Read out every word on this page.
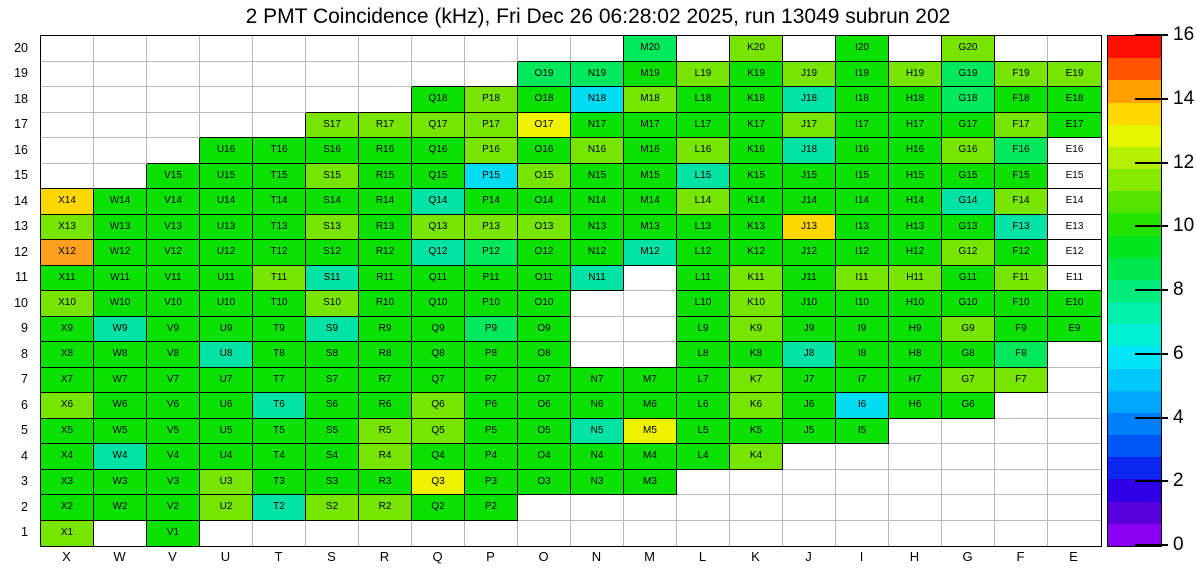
2 PMT Coincidence (kHz), Fri Dec 26 06:28:02 2025, run 13049 subrun 202
20
19
18
17
16
15
14
13
12
11
10
9
8
7
6
5
4
3
2
1
M20	K20	I20	G20
O19	N19	M19	L19	K19	J19	I19	H19	G19	F19	E19
Q18	P18	O18	N18	M18	L18	K18	J18	I18	H18	G18	F18	E18
S17	R17	Q17	P17	O17	N17	M17	L17	K17	J17	I17	H17	G17	F17	E17
U16	T16	S16	R16	Q16	P16	O16	N16	M16	L16	K16	J18	I16	H16	G16	F16	E16
V15	U15	T15	S15	R15	Q15	P15	O15	N15	M15	L15	K15	J15	I15	H15	G15	F15	E15
X14	W14	V14	U14	T14	S14	R14	Q14	P14	O14	N14	M14	L14	K14	J14	I14	H14	G14	F14	E14
X13	W13	V13	U13	T13	S13	R13	Q13	P13	O13	N13	M13	L13	K13	J13	I13	H13	G13	F13	E13
X12	W12	V12	U12	T12	S12	R12	Q12	P12	O12	N12	M12	L12	K12	J12	I12	H12	G12	F12	E12
X11	W11	V11	U11	T11	S11	R11	Q11	P11	O11	N11	L11	K11	J11	I11	H11	G11	F11	E11
X10	W10	V10	U10	T10	S10	R10	Q10	P10	O10	L10	K10	J10	I10	H10	G10	F10	E10
X9	W9	V9	U9	T9	S9	R9	Q9	P9	O9	L9	K9	J9	I9	H9	G9	F9	E9
X8	W8	V8	U8	T8	S8	R8	Q8	P8	O8	L8	K8	J8	I8	H8	G8	F8
X7	W7	V7	U7	T7	S7	R7	Q7	P7	O7	N7	M7	L7	K7	J7	I7	H7	G7	F7
X6	W6	V6	U6	T6	S6	R6	Q6	P6	O6	N6	M6	L6	K6	J6	I6	H6	G6
X5	W5	V5	U5	T5	S5	R5	Q5	P5	O5	N5	M5	L5	K5	J5	I5
X4	W4	V4	U4	T4	S4	R4	Q4	P4	O4	N4	M4	L4	K4
X3	W3	V3	U3	T3	S3	R3	Q3	P3	O3	N3	M3
X2	W2	V2	U2	T2	S2	R2	Q2	P2
X1	V1
X	W	V	U	T	S	R	Q	P	O	N	M	L	K	J	I	H	G	F	E
16
14
12
10
8
6
4
2
0
